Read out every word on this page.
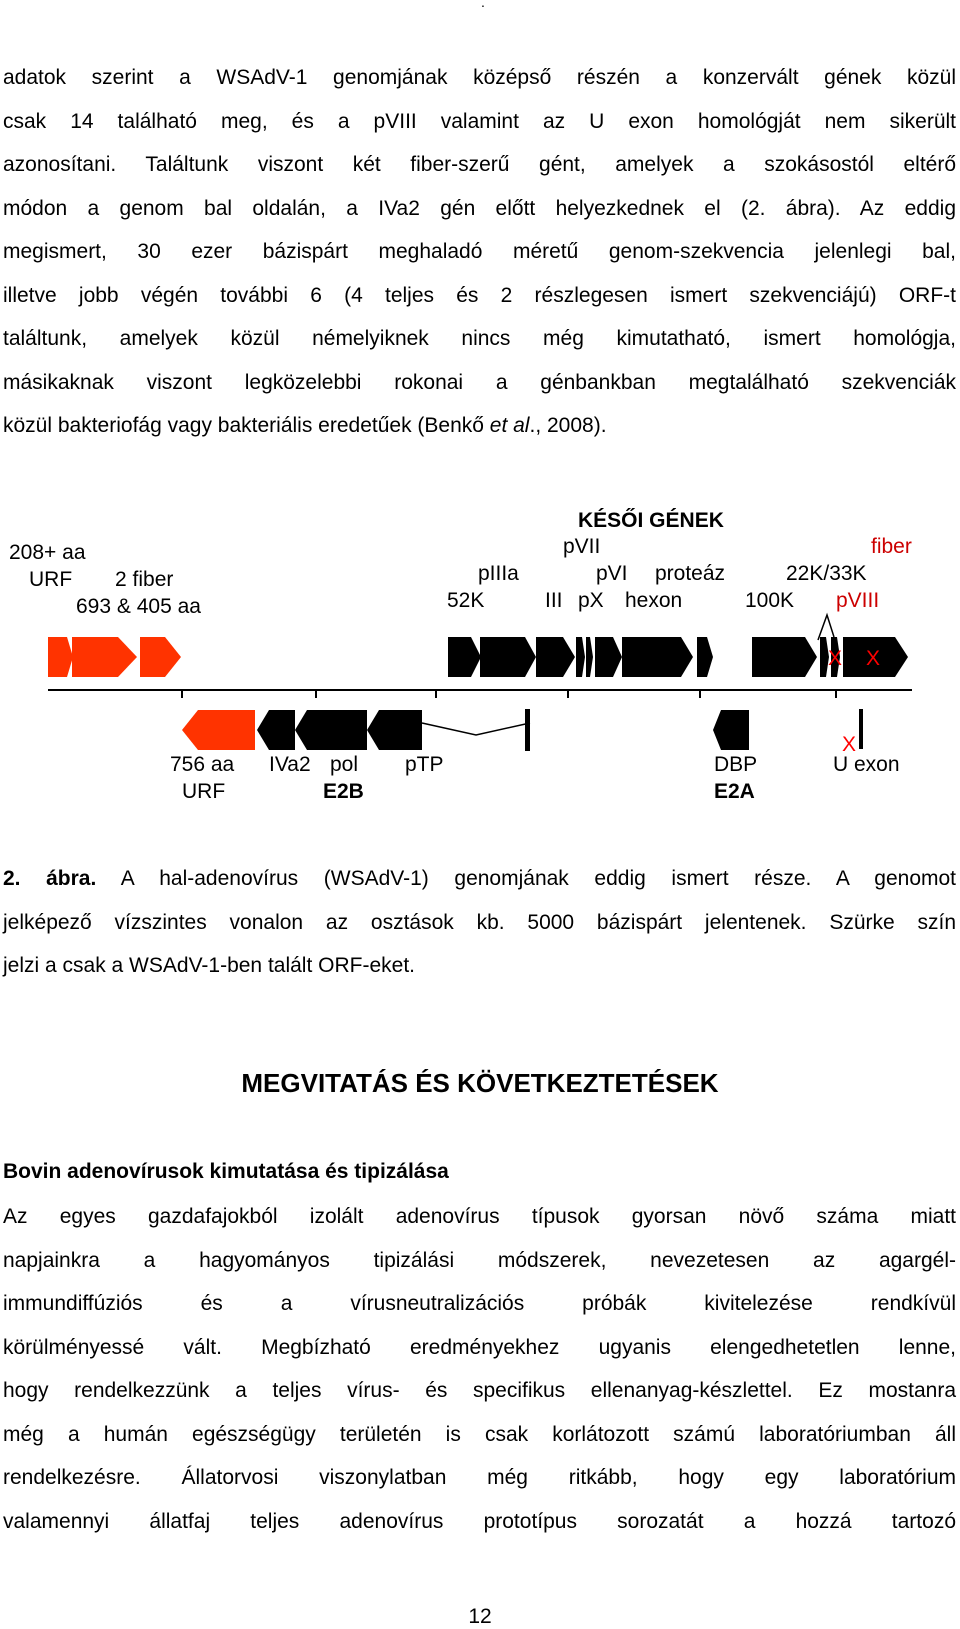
.
adatok szerint a WSAdV-1 genomjának középső részén a konzervált gének közül
csak 14 található meg, és a pVIII valamint az U exon homológját nem sikerült
azonosítani. Találtunk viszont két fiber-szerű gént, amelyek a szokásostól eltérő
módon a genom bal oldalán, a IVa2 gén előtt helyezkednek el (2. ábra). Az eddig
megismert, 30 ezer bázispárt meghaladó méretű genom-szekvencia jelenlegi bal,
illetve jobb végén további 6 (4 teljes és 2 részlegesen ismert szekvenciájú) ORF-t
találtunk, amelyek közül némelyiknek nincs még kimutatható, ismert homológja,
másikaknak viszont legközelebbi rokonai a génbankban megtalálható szekvenciák
közül bakteriofág vagy bakteriális eredetűek (Benkő et al., 2008).
KÉSŐI GÉNEK
pVII	fiber
208+ aa
URF 2 fiber	pIIIa	pVI proteáz	22K/33K
693 & 405 aa	52K	III pX hexon	100K pVIII
X X
X
756 aa
URF
IVa2 pol pTP
E2B
DBP
E2A
U exon
2. ábra. A hal-adenovírus (WSAdV-1) genomjának eddig ismert része. A genomot
jelképező vízszintes vonalon az osztások kb. 5000 bázispárt jelentenek. Szürke szín
jelzi a csak a WSAdV-1-ben talált ORF-eket.
MEGVITATÁS ÉS KÖVETKEZTETÉSEK
Bovin adenovírusok kimutatása és tipizálása
Az egyes gazdafajokból izolált adenovírus típusok gyorsan növő száma miatt
napjainkra a hagyományos tipizálási módszerek, nevezetesen az agargél-
immundiffúziós és a vírusneutralizációs próbák kivitelezése rendkívül
körülményessé vált. Megbízható eredményekhez ugyanis elengedhetetlen lenne,
hogy rendelkezzünk a teljes vírus- és specifikus ellenanyag-készlettel. Ez mostanra
még a humán egészségügy területén is csak korlátozott számú laboratóriumban áll
rendelkezésre. Állatorvosi viszonylatban még ritkább, hogy egy laboratórium
valamennyi állatfaj teljes adenovírus prototípus sorozatát a hozzá tartozó
12
